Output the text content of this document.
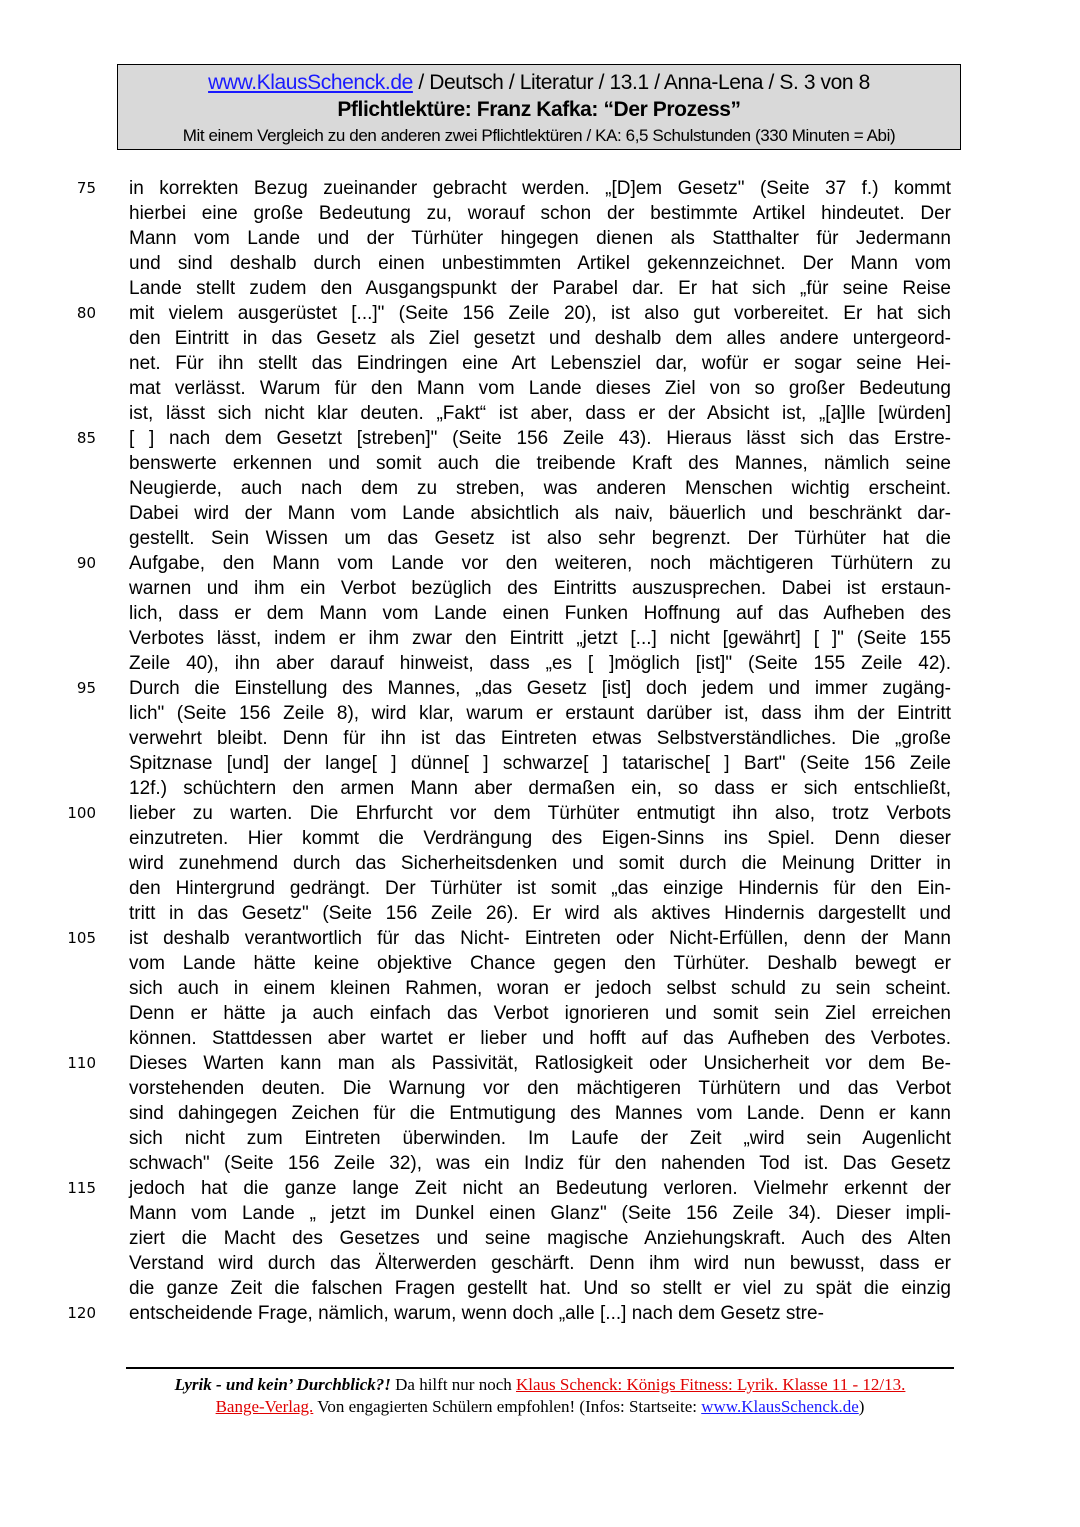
www.KlausSchenck.de / Deutsch / Literatur / 13.1 / Anna-Lena / S. 3 von 8
Pflichtlektüre: Franz Kafka: “Der Prozess”
Mit einem Vergleich zu den anderen zwei Pflichtlektüren / KA: 6,5 Schulstunden (330 Minuten = Abi)
in korrekten Bezug zueinander gebracht werden. „[D]em Gesetz" (Seite 37 f.) kommt
hierbei eine große Bedeutung zu, worauf schon der bestimmte Artikel hindeutet. Der
Mann vom Lande und der Türhüter hingegen dienen als Statthalter für Jedermann
und sind deshalb durch einen unbestimmten Artikel gekennzeichnet. Der Mann vom
Lande stellt zudem den Ausgangspunkt der Parabel dar. Er hat sich „für seine Reise
mit vielem ausgerüstet [...]" (Seite 156 Zeile 20), ist also gut vorbereitet. Er hat sich
den Eintritt in das Gesetz als Ziel gesetzt und deshalb dem alles andere untergeord-
net. Für ihn stellt das Eindringen eine Art Lebensziel dar, wofür er sogar seine Hei-
mat verlässt. Warum für den Mann vom Lande dieses Ziel von so großer Bedeutung
ist, lässt sich nicht klar deuten. „Fakt“ ist aber, dass er der Absicht ist, „[a]lle [würden]
[ ] nach dem Gesetzt [streben]" (Seite 156 Zeile 43). Hieraus lässt sich das Erstre-
benswerte erkennen und somit auch die treibende Kraft des Mannes, nämlich seine
Neugierde, auch nach dem zu streben, was anderen Menschen wichtig erscheint.
Dabei wird der Mann vom Lande absichtlich als naiv, bäuerlich und beschränkt dar-
gestellt. Sein Wissen um das Gesetz ist also sehr begrenzt. Der Türhüter hat die
Aufgabe, den Mann vom Lande vor den weiteren, noch mächtigeren Türhütern zu
warnen und ihm ein Verbot bezüglich des Eintritts auszusprechen. Dabei ist erstaun-
lich, dass er dem Mann vom Lande einen Funken Hoffnung auf das Aufheben des
Verbotes lässt, indem er ihm zwar den Eintritt „jetzt [...] nicht [gewährt] [ ]" (Seite 155
Zeile 40), ihn aber darauf hinweist, dass „es [ ]möglich [ist]" (Seite 155 Zeile 42).
Durch die Einstellung des Mannes, „das Gesetz [ist] doch jedem und immer zugäng-
lich" (Seite 156 Zeile 8), wird klar, warum er erstaunt darüber ist, dass ihm der Eintritt
verwehrt bleibt. Denn für ihn ist das Eintreten etwas Selbstverständliches. Die „große
Spitznase [und] der lange[ ] dünne[ ] schwarze[ ] tatarische[ ] Bart" (Seite 156 Zeile
12f.) schüchtern den armen Mann aber dermaßen ein, so dass er sich entschließt,
lieber zu warten. Die Ehrfurcht vor dem Türhüter entmutigt ihn also, trotz Verbots
einzutreten. Hier kommt die Verdrängung des Eigen-Sinns ins Spiel. Denn dieser
wird zunehmend durch das Sicherheitsdenken und somit durch die Meinung Dritter in
den Hintergrund gedrängt. Der Türhüter ist somit „das einzige Hindernis für den Ein-
tritt in das Gesetz" (Seite 156 Zeile 26). Er wird als aktives Hindernis dargestellt und
ist deshalb verantwortlich für das Nicht- Eintreten oder Nicht-Erfüllen, denn der Mann
vom Lande hätte keine objektive Chance gegen den Türhüter. Deshalb bewegt er
sich auch in einem kleinen Rahmen, woran er jedoch selbst schuld zu sein scheint.
Denn er hätte ja auch einfach das Verbot ignorieren und somit sein Ziel erreichen
können. Stattdessen aber wartet er lieber und hofft auf das Aufheben des Verbotes.
Dieses Warten kann man als Passivität, Ratlosigkeit oder Unsicherheit vor dem Be-
vorstehenden deuten. Die Warnung vor den mächtigeren Türhütern und das Verbot
sind dahingegen Zeichen für die Entmutigung des Mannes vom Lande. Denn er kann
sich nicht zum Eintreten überwinden. Im Laufe der Zeit „wird sein Augenlicht
schwach" (Seite 156 Zeile 32), was ein Indiz für den nahenden Tod ist. Das Gesetz
jedoch hat die ganze lange Zeit nicht an Bedeutung verloren. Vielmehr erkennt der
Mann vom Lande „ jetzt im Dunkel einen Glanz" (Seite 156 Zeile 34). Dieser impli-
ziert die Macht des Gesetzes und seine magische Anziehungskraft. Auch des Alten
Verstand wird durch das Älterwerden geschärft. Denn ihm wird nun bewusst, dass er
die ganze Zeit die falschen Fragen gestellt hat. Und so stellt er viel zu spät die einzig
entscheidende Frage, nämlich, warum, wenn doch „alle [...] nach dem Gesetz stre-
75
80
85
90
95
100
105
110
115
120
Lyrik - und kein’ Durchblick?! Da hilft nur noch Klaus Schenck: Königs Fitness: Lyrik. Klasse 11 - 12/13.
Bange-Verlag. Von engagierten Schülern empfohlen! (Infos: Startseite: www.KlausSchenck.de)
